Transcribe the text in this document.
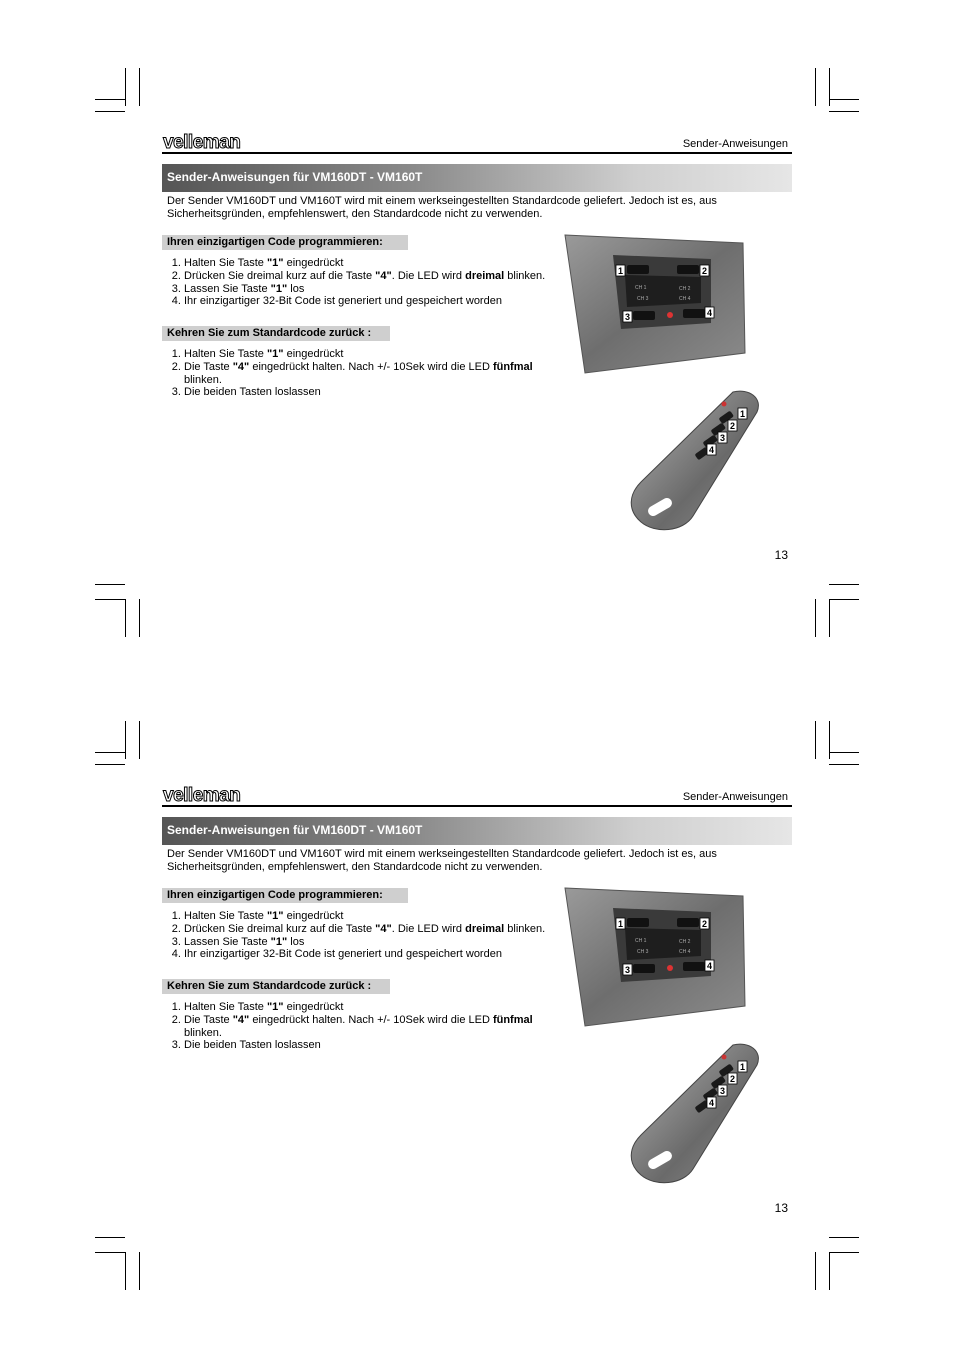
velleman	Sender-Anweisungen
Sender-Anweisungen für VM160DT - VM160T
Der Sender VM160DT und VM160T wird mit einem werkseingestellten Standardcode geliefert. Jedoch ist es, aus Sicherheitsgründen, empfehlenswert, den Standardcode nicht zu verwenden.
Ihren einzigartigen Code programmieren:
1. Halten Sie Taste "1" eingedrückt
2. Drücken Sie dreimal kurz auf die Taste "4". Die LED wird dreimal blinken.
3. Lassen Sie Taste "1" los
4. Ihr einzigartiger 32-Bit Code ist generiert und gespeichert worden
Kehren Sie zum Standardcode zurück :
1. Halten Sie Taste "1" eingedrückt
2. Die Taste "4" eingedrückt halten. Nach +/- 10Sek wird die LED fünfmal blinken.
3. Die beiden Tasten loslassen
CH 1	CH 2
CH 3	CH 4
1	2
3	4
1
2
3
4
13
velleman	Sender-Anweisungen
Sender-Anweisungen für VM160DT - VM160T
Der Sender VM160DT und VM160T wird mit einem werkseingestellten Standardcode geliefert. Jedoch ist es, aus Sicherheitsgründen, empfehlenswert, den Standardcode nicht zu verwenden.
Ihren einzigartigen Code programmieren:
1. Halten Sie Taste "1" eingedrückt
2. Drücken Sie dreimal kurz auf die Taste "4". Die LED wird dreimal blinken.
3. Lassen Sie Taste "1" los
4. Ihr einzigartiger 32-Bit Code ist generiert und gespeichert worden
Kehren Sie zum Standardcode zurück :
1. Halten Sie Taste "1" eingedrückt
2. Die Taste "4" eingedrückt halten. Nach +/- 10Sek wird die LED fünfmal blinken.
3. Die beiden Tasten loslassen
CH 1	CH 2
CH 3	CH 4
1	2
3	4
1
2
3
4
13
